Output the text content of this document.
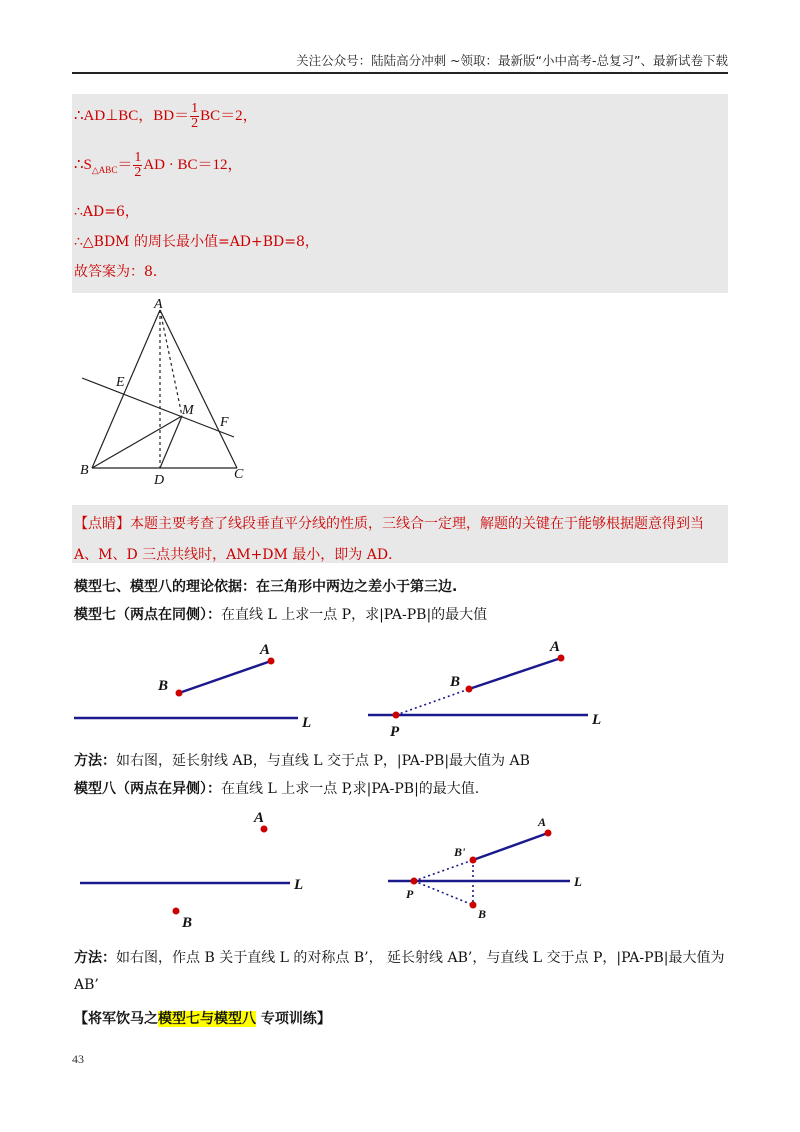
关注公众号：陆陆高分冲刺 ~领取：最新版“小中高考-总复习”、最新试卷下载
∴AD⊥BC，$BD= \frac{1}{2} BC=2$，
$\therefore S_{\triangle ABC}= \frac{1}{2}$ AD · BC＝12，
∴AD=6，
∴△BDM 的周长最小值=AD+BD=8，
故答案为：8．
A
B	C
D
E
F
M
【点睛】本题主要考查了线段垂直平分线的性质，三线合一定理，解题的关键在于能够根据题意得到当
A、M、D 三点共线时，AM+DM 最小，即为 AD．
模型七、模型八的理论依据：在三角形中两边之差小于第三边.
模型七（两点在同侧）：在直线 L 上求一点 P，求|PA-PB|的最大值
A
B
L
A
B
L
P
方法：如右图，延长射线 AB，与直线 L 交于点 P，|PA-PB|最大值为 AB
模型八（两点在异侧）：在直线 L 上求一点 P,求|PA-PB|的最大值.
A
B
L
A
B'
B
L
P
方法：如右图，作点 B 关于直线 L 的对称点 B’， 延长射线 AB’，与直线 L 交于点 P，|PA-PB|最大值为
AB’
【将军饮马之模型七与模型八 专项训练】
43
